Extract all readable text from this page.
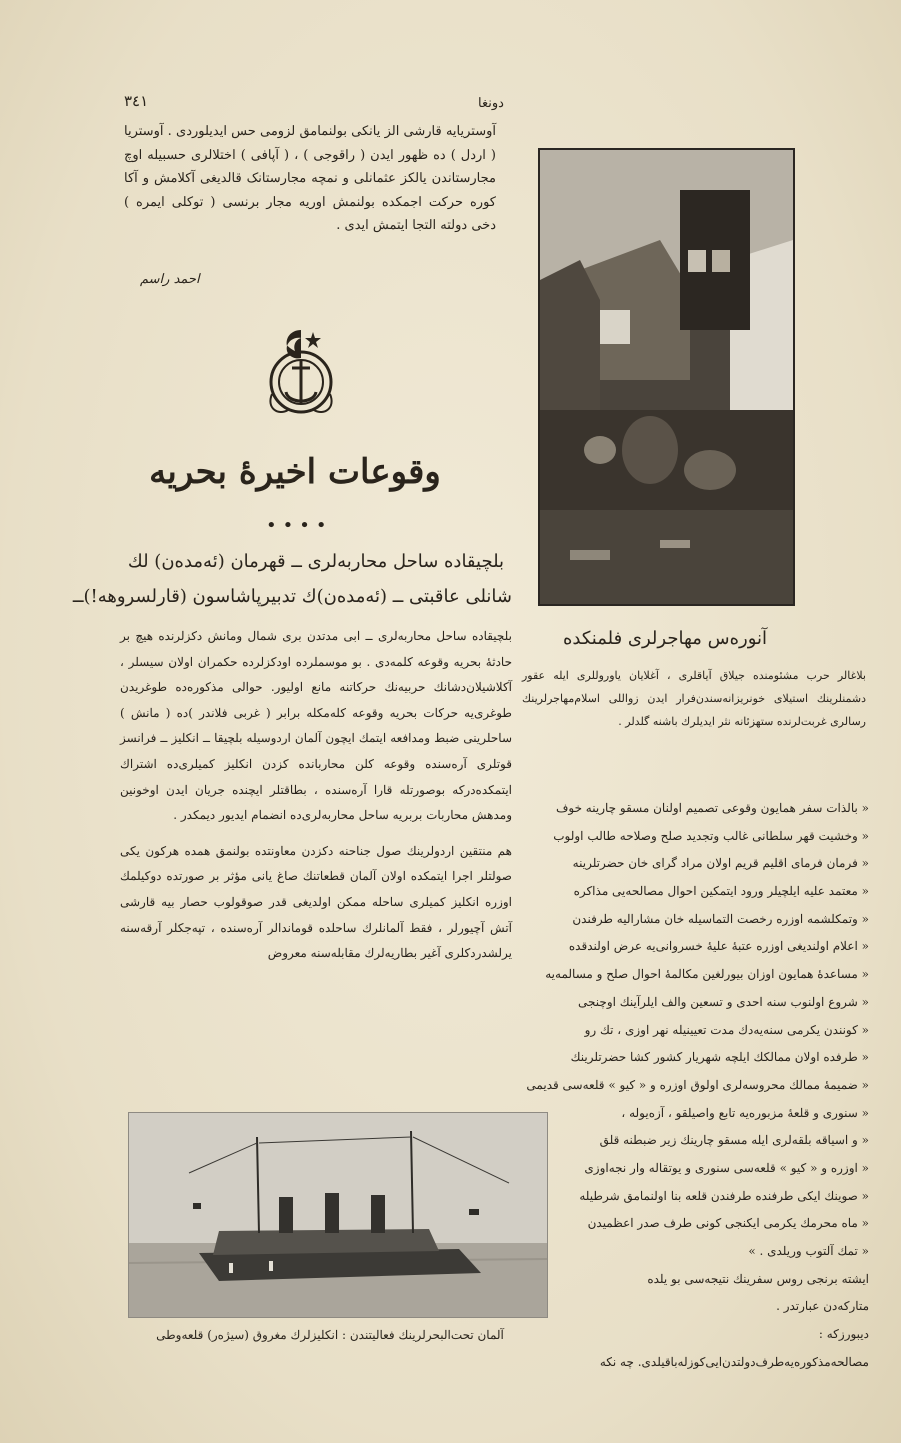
٣٤١	دونغا

آوستریایه قارشی الز یانکی بولنمامق لزومی حس ایدیلوردی . آوستریا ( اردل ) ده ظهور ایدن ( راقوجی ) ، ( آپافی ) اختلالری حسبیله اوچ مجارستاندن یالکز عثمانلی و نمچه مجارستانک قالدیغی آکلامش و آکا کوره حرکت اجمکده بولنمش اوریه مجار برنسی ( توکلی ایمره ) دخی دولته التجا ایتمش ایدی .

احمد راسم
وقوعات اخیرۀ بحریه
••••
بلچیقاده ساحل محاربه‌لری ــ قهرمان (ئه‌مده‌ن) لك
شانلی عاقبتی ــ (ئه‌مده‌ن)ك تدبیرپاشاسون (قارلسروهه!)ــ

بلچیقاده ساحل محاربه‌لری ــ ابی مدتدن بری شمال ومانش دکزلرنده هیچ بر حادثۀ بحریه وقوعه کلمه‌دی . بو موسملرده اودکزلرده حکمران اولان سیسلر ، آکلاشیلان‌دشانك حربیه‌نك حرکاتنه مانع اولیور. حوالی مذکوره‌ده طوغریدن طوغری‌یه حرکات بحریه وقوعه کله‌مکله برابر ( غربی فلاندر )ده ( مانش ) ساحلرینی ضبط ومدافعه ایتمك ایچون آلمان اردوسیله بلچیقا ــ انکلیز ــ فرانسز قوتلری آره‌سنده وقوعه کلن محاربانده کزدن انکلیز کمیلری‌ده اشتراك ایتمکده‌درکه بوصورتله قارا آره‌سنده ، بطاقتلر ایچنده جریان ایدن اوخونین ومدهش محاربات بربریه ساحل محاربه‌لری‌ده انضمام ایدیور دیمکدر .

هم منتقین اردولرینك صول جناحنه دکزدن معاونتده بولنمق همده هرکون یکی صولتلر اجرا ایتمکده اولان آلمان قطعاتنك صاغ یانی مؤثر بر صورتده دوکیلمك اوزره انکلیز کمیلری ساحله ممکن اولدیغی قدر صوقولوب حصار بیه‌ قارشی آتش آچیورلر ، فقط آلمانلرك ساحلده قوماندالر آره‌سنده ، تپه‌جکلر آرقه‌سنه یرلشدردکلری آغیر بطاریه‌لرك مقابله‌سنه معروض

آنوره‌س مهاجرلری فلمنکده
بلاغالر حرب مشئومنده جیلاق آیاقلری ، آغلایان یاوروللری ایله عقور دشمنلرینك استیلای خونریزانه‌سندن‌فرار ایدن زواللی اسلام‌مهاجرلرینك رسالری غربت‌لرنده ستهزئانه نثر ایدیلرك باشنه گلدلر .
« بالذات سفر همایون وقوعی تصمیم اولنان مسقو چارینه خوف
« وخشیت قهر سلطانی غالب وتجدید صلح وصلاحه طالب اولوب
« فرمان فرمای اقلیم قریم اولان مراد گرای خان حضرتلرینه
« معتمد علیه ایلچیلر ورود ایتمکین احوال مصالحه‌یی مذاکره
« وتمکلشمه اوزره رخصت التماسیله خان مشارالیه طرفندن
« اعلام اولندیغی اوزره عتبۀ علیۀ خسروانی‌یه عرض اولندقده
« مساعدۀ همایون اوزان بیورلغین مکالمۀ احوال صلح و مسالمه‌یه
« شروع اولنوب سنه احدی و تسعین والف ایلرآینك اوچنجی
« کونندن یکرمی سنه‌یه‌دك مدت تعیینیله نهر اوزی ، تك رو
« طرفده اولان ممالکك ایلچه شهریار کشور کشا حضرتلرینك
« ضمیمۀ ممالك محروسه‌لری اولوق اوزره و « کیو » قلعه‌سی قدیمی
« سنوری و قلعۀ مزبوره‌یه تابع واصیلقو ، آزه‌یوله ،
« و اسیاقه بلقه‌لری ایله مسقو چارینك زیر ضبطنه قلق
« اوزره و « کیو » قلعه‌سی سنوری و یوتقاله وار نجه‌اوزی
« صوینك ایکی طرفنده طرفندن قلعه بنا اولنمامق شرطیله
« ماه محرمك یکرمی ایکنجی کونی طرف صدر اعظمیدن
« تمك آلتوب وریلدی . »
ایشته برنجی روس سفرینك نتیجه‌سی بو یلده
متارکه‌دن عبارتدر .
دیبورزکه :
مصالحه‌مذکوره‌یه‌طرف‌دولتدن‌ایی‌کوزله‌باقیلدی. چه نكه
آلمان تحت‌البحرلرینك فعالیتندن : انکلیزلرك مغروق (سیژه‌ر) قلعه‌وطی
